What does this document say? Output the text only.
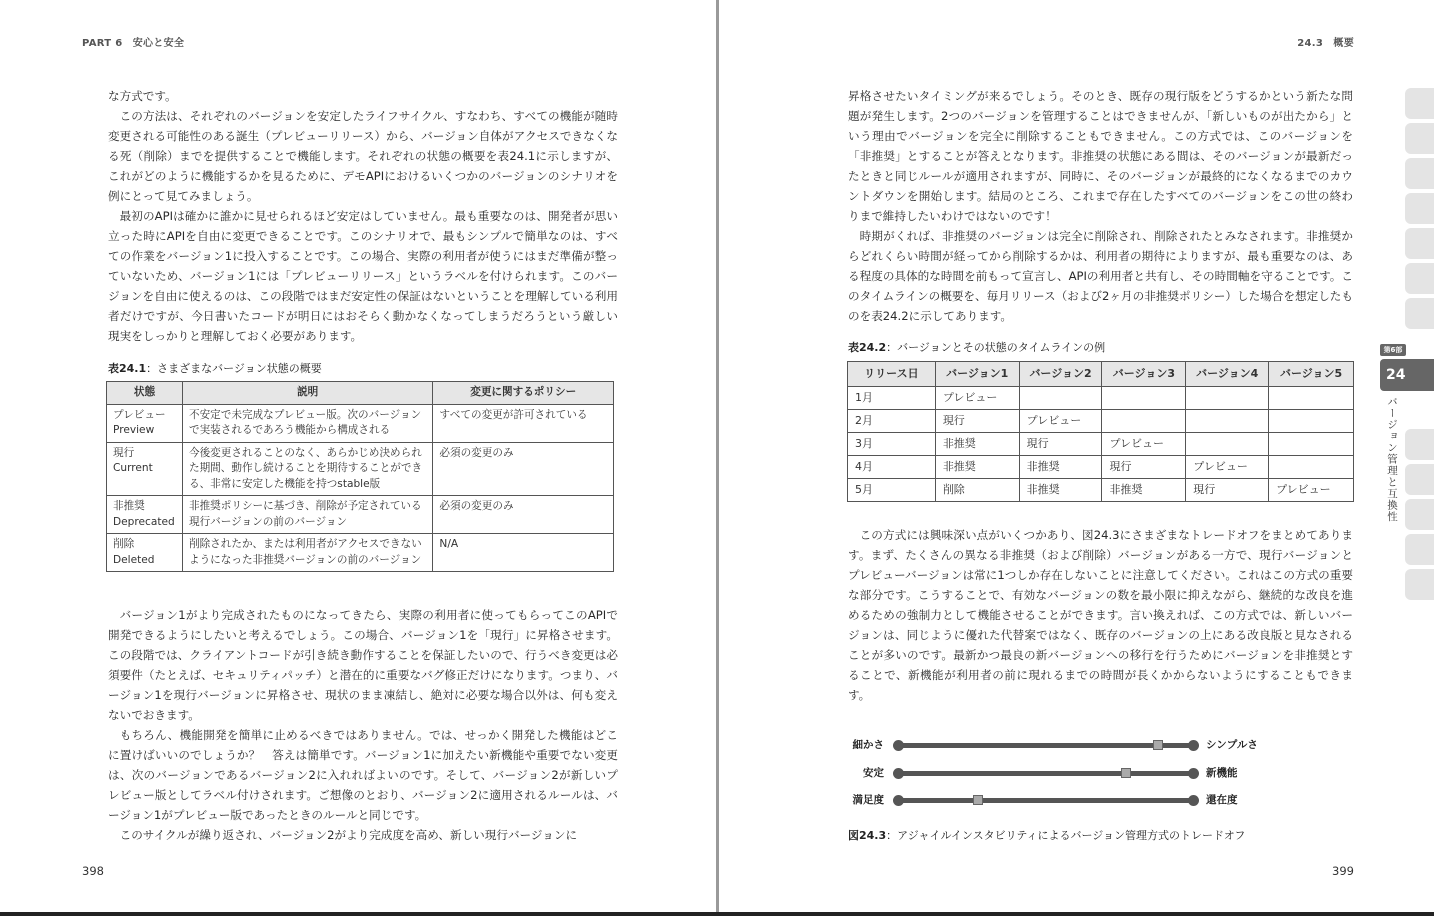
PART 6　安心と安全

な方式です。

この方法は、それぞれのバージョンを安定したライフサイクル、すなわち、すべての機能が随時変更される可能性のある誕生（プレビューリリース）から、バージョン自体がアクセスできなくなる死（削除）までを提供することで機能します。それぞれの状態の概要を表24.1に示しますが、これがどのように機能するかを見るために、デモAPIにおけるいくつかのバージョンのシナリオを例にとって見てみましょう。

最初のAPIは確かに誰かに見せられるほど安定はしていません。最も重要なのは、開発者が思い立った時にAPIを自由に変更できることです。このシナリオで、最もシンプルで簡単なのは、すべての作業をバージョン1に投入することです。この場合、実際の利用者が使うにはまだ準備が整っていないため、バージョン1には「プレビューリリース」というラベルを付けられます。このバージョンを自由に使えるのは、この段階ではまだ安定性の保証はないということを理解している利用者だけですが、今日書いたコードが明日にはおそらく動かなくなってしまうだろうという厳しい現実をしっかりと理解しておく必要があります。

表24.1：さまざまなバージョン状態の概要
状態	説明	変更に関するポリシー
プレビュー
Preview	不安定で未完成なプレビュー版。次のバージョンで実装されるであろう機能から構成される	すべての変更が許可されている
現行
Current	今後変更されることのなく、あらかじめ決められた期間、動作し続けることを期待することができる、非常に安定した機能を持つstable版	必須の変更のみ
非推奨
Deprecated	非推奨ポリシーに基づき、削除が予定されている現行バージョンの前のバージョン	必須の変更のみ
削除
Deleted	削除されたか、または利用者がアクセスできないようになった非推奨バージョンの前のバージョン	N/A

バージョン1がより完成されたものになってきたら、実際の利用者に使ってもらってこのAPIで開発できるようにしたいと考えるでしょう。この場合、バージョン1を「現行」に昇格させます。この段階では、クライアントコードが引き続き動作することを保証したいので、行うべき変更は必須要件（たとえば、セキュリティパッチ）と潜在的に重要なバグ修正だけになります。つまり、バージョン1を現行バージョンに昇格させ、現状のまま凍結し、絶対に必要な場合以外は、何も変えないでおきます。

もちろん、機能開発を簡単に止めるべきではありません。では、せっかく開発した機能はどこに置けばいいのでしょうか？　答えは簡単です。バージョン1に加えたい新機能や重要でない変更は、次のバージョンであるバージョン2に入れればよいのです。そして、バージョン2が新しいプレビュー版としてラベル付けされます。ご想像のとおり、バージョン2に適用されるルールは、バージョン1がプレビュー版であったときのルールと同じです。

このサイクルが繰り返され、バージョン2がより完成度を高め、新しい現行バージョンに

398
24.3　概要

昇格させたいタイミングが来るでしょう。そのとき、既存の現行版をどうするかという新たな問題が発生します。2つのバージョンを管理することはできませんが、「新しいものが出たから」という理由でバージョンを完全に削除することもできません。この方式では、このバージョンを「非推奨」とすることが答えとなります。非推奨の状態にある間は、そのバージョンが最新だったときと同じルールが適用されますが、同時に、そのバージョンが最終的になくなるまでのカウントダウンを開始します。結局のところ、これまで存在したすべてのバージョンをこの世の終わりまで維持したいわけではないのです！

時期がくれば、非推奨のバージョンは完全に削除され、削除されたとみなされます。非推奨からどれくらい時間が経ってから削除するかは、利用者の期待によりますが、最も重要なのは、ある程度の具体的な時間を前もって宣言し、APIの利用者と共有し、その時間軸を守ることです。このタイムラインの概要を、毎月リリース（および2ヶ月の非推奨ポリシー）した場合を想定したものを表24.2に示してあります。

表24.2：バージョンとその状態のタイムラインの例
リリース日	バージョン1	バージョン2	バージョン3	バージョン4	バージョン5
1月	プレビュー				
2月	現行	プレビュー			
3月	非推奨	現行	プレビュー		
4月	非推奨	非推奨	現行	プレビュー	
5月	削除	非推奨	非推奨	現行	プレビュー

この方式には興味深い点がいくつかあり、図24.3にさまざまなトレードオフをまとめてあります。まず、たくさんの異なる非推奨（および削除）バージョンがある一方で、現行バージョンとプレビューバージョンは常に1つしか存在しないことに注意してください。これはこの方式の重要な部分です。こうすることで、有効なバージョンの数を最小限に抑えながら、継続的な改良を進めるための強制力として機能させることができます。言い換えれば、この方式では、新しいバージョンは、同じように優れた代替案ではなく、既存のバージョンの上にある改良版と見なされることが多いのです。最新かつ最良の新バージョンへの移行を行うためにバージョンを非推奨とすることで、新機能が利用者の前に現れるまでの時間が長くかからないようにすることもできます。

399
細かさ	シンプルさ
安定	新機能
満足度	還在度
図24.3：アジャイルインスタビリティによるバージョン管理方式のトレードオフ
第6部
24
バージョン管理と互換性
